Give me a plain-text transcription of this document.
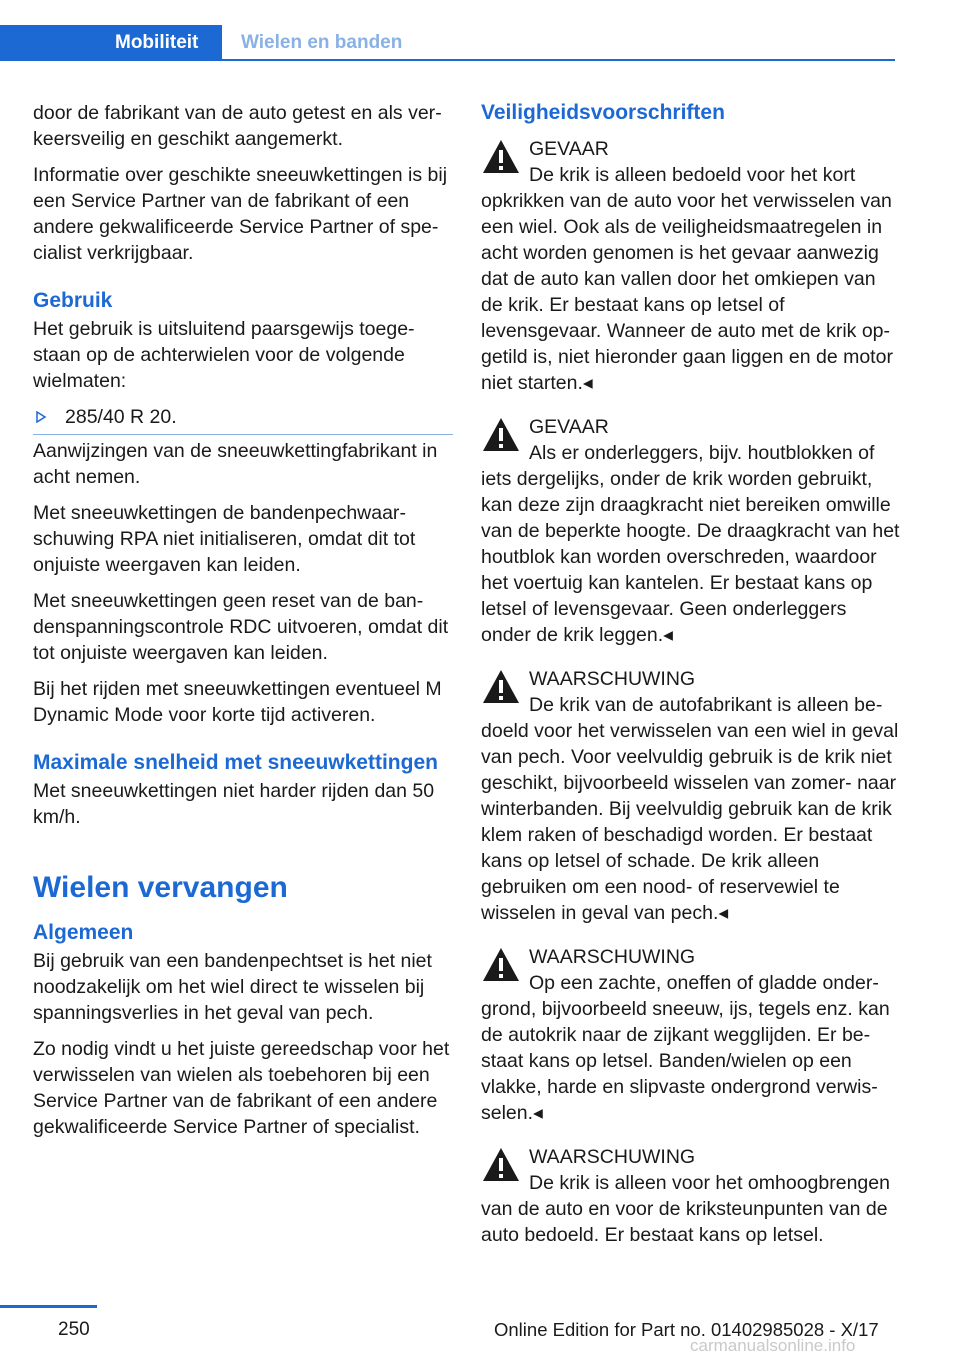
Mobiliteit	Wielen en banden
door de fabrikant van de auto getest en als verkeersveilig en geschikt aangemerkt.
Informatie over geschikte sneeuwkettingen is bij een Service Partner van de fabrikant of een andere gekwalificeerde Service Partner of specialist verkrijgbaar.
Gebruik
Het gebruik is uitsluitend paarsgewijs toegestaan op de achterwielen voor de volgende wielmaten:
285/40 R 20.
Aanwijzingen van de sneeuwkettingfabrikant in acht nemen.
Met sneeuwkettingen de bandenpechwaarschuwing RPA niet initialiseren, omdat dit tot onjuiste weergaven kan leiden.
Met sneeuwkettingen geen reset van de bandenspanningscontrole RDC uitvoeren, omdat dit tot onjuiste weergaven kan leiden.
Bij het rijden met sneeuwkettingen eventueel M Dynamic Mode voor korte tijd activeren.
Maximale snelheid met sneeuwkettingen
Met sneeuwkettingen niet harder rijden dan 50 km/h.
Wielen vervangen
Algemeen
Bij gebruik van een bandenpechtset is het niet noodzakelijk om het wiel direct te wisselen bij spanningsverlies in het geval van pech.
Zo nodig vindt u het juiste gereedschap voor het verwisselen van wielen als toebehoren bij een Service Partner van de fabrikant of een andere gekwalificeerde Service Partner of specialist.
Veiligheidsvoorschriften
GEVAAR
De krik is alleen bedoeld voor het kort opkrikken van de auto voor het verwisselen van een wiel. Ook als de veiligheidsmaatregelen in acht worden genomen is het gevaar aanwezig dat de auto kan vallen door het omkiepen van de krik. Er bestaat kans op letsel of levensgevaar. Wanneer de auto met de krik opgetild is, niet hieronder gaan liggen en de motor niet starten.◂
GEVAAR
Als er onderleggers, bijv. houtblokken of iets dergelijks, onder de krik worden gebruikt, kan deze zijn draagkracht niet bereiken omwille van de beperkte hoogte. De draagkracht van het houtblok kan worden overschreden, waardoor het voertuig kan kantelen. Er bestaat kans op letsel of levensgevaar. Geen onderleggers onder de krik leggen.◂
WAARSCHUWING
De krik van de autofabrikant is alleen bedoeld voor het verwisselen van een wiel in geval van pech. Voor veelvuldig gebruik is de krik niet geschikt, bijvoorbeeld wisselen van zomer- naar winterbanden. Bij veelvuldig gebruik kan de krik klem raken of beschadigd worden. Er bestaat kans op letsel of schade. De krik alleen gebruiken om een nood- of reservewiel te wisselen in geval van pech.◂
WAARSCHUWING
Op een zachte, oneffen of gladde ondergrond, bijvoorbeeld sneeuw, ijs, tegels enz. kan de autokrik naar de zijkant wegglijden. Er bestaat kans op letsel. Banden/wielen op een vlakke, harde en slipvaste ondergrond verwisselen.◂
WAARSCHUWING
De krik is alleen voor het omhoogbrengen van de auto en voor de kriksteunpunten van de auto bedoeld. Er bestaat kans op letsel.
250	Online Edition for Part no. 01402985028 - X/17
carmanualsonline.info
